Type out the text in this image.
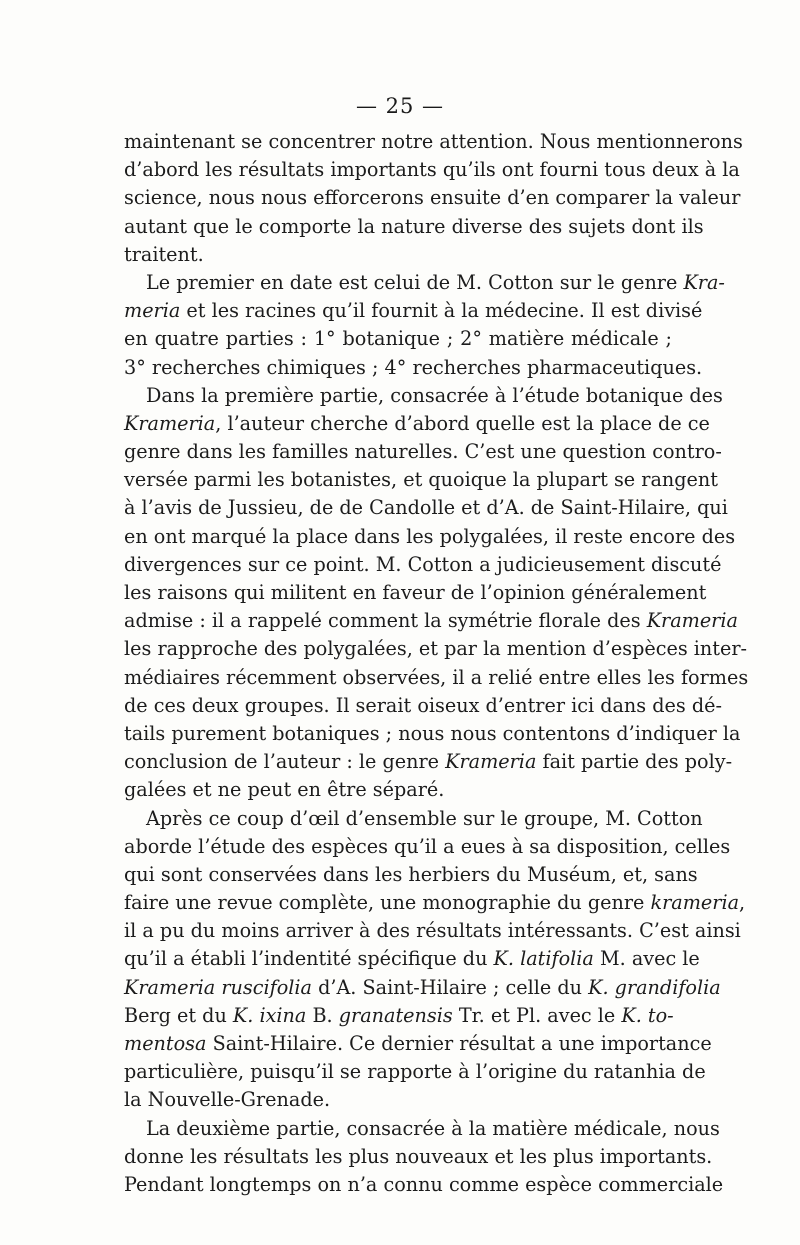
— 25 —
maintenant se concentrer notre attention. Nous mentionnerons
d’abord les résultats importants qu’ils ont fourni tous deux à la
science, nous nous efforcerons ensuite d’en comparer la valeur
autant que le comporte la nature diverse des sujets dont ils
traitent.
Le premier en date est celui de M. Cotton sur le genre Kra-
meria et les racines qu’il fournit à la médecine. Il est divisé
en quatre parties : 1° botanique ; 2° matière médicale ;
3° recherches chimiques ; 4° recherches pharmaceutiques.
Dans la première partie, consacrée à l’étude botanique des
Krameria, l’auteur cherche d’abord quelle est la place de ce
genre dans les familles naturelles. C’est une question contro-
versée parmi les botanistes, et quoique la plupart se rangent
à l’avis de Jussieu, de de Candolle et d’A. de Saint-Hilaire, qui
en ont marqué la place dans les polygalées, il reste encore des
divergences sur ce point. M. Cotton a judicieusement discuté
les raisons qui militent en faveur de l’opinion généralement
admise : il a rappelé comment la symétrie florale des Krameria
les rapproche des polygalées, et par la mention d’espèces inter-
médiaires récemment observées, il a relié entre elles les formes
de ces deux groupes. Il serait oiseux d’entrer ici dans des dé-
tails purement botaniques ; nous nous contentons d’indiquer la
conclusion de l’auteur : le genre Krameria fait partie des poly-
galées et ne peut en être séparé.
Après ce coup d’œil d’ensemble sur le groupe, M. Cotton
aborde l’étude des espèces qu’il a eues à sa disposition, celles
qui sont conservées dans les herbiers du Muséum, et, sans
faire une revue complète, une monographie du genre krameria,
il a pu du moins arriver à des résultats intéressants. C’est ainsi
qu’il a établi l’indentité spécifique du K. latifolia M. avec le
Krameria ruscifolia d’A. Saint-Hilaire ; celle du K. grandifolia
Berg et du K. ixina B. granatensis Tr. et Pl. avec le K. to-
mentosa Saint-Hilaire. Ce dernier résultat a une importance
particulière, puisqu’il se rapporte à l’origine du ratanhia de
la Nouvelle-Grenade.
La deuxième partie, consacrée à la matière médicale, nous
donne les résultats les plus nouveaux et les plus importants.
Pendant longtemps on n’a connu comme espèce commerciale
